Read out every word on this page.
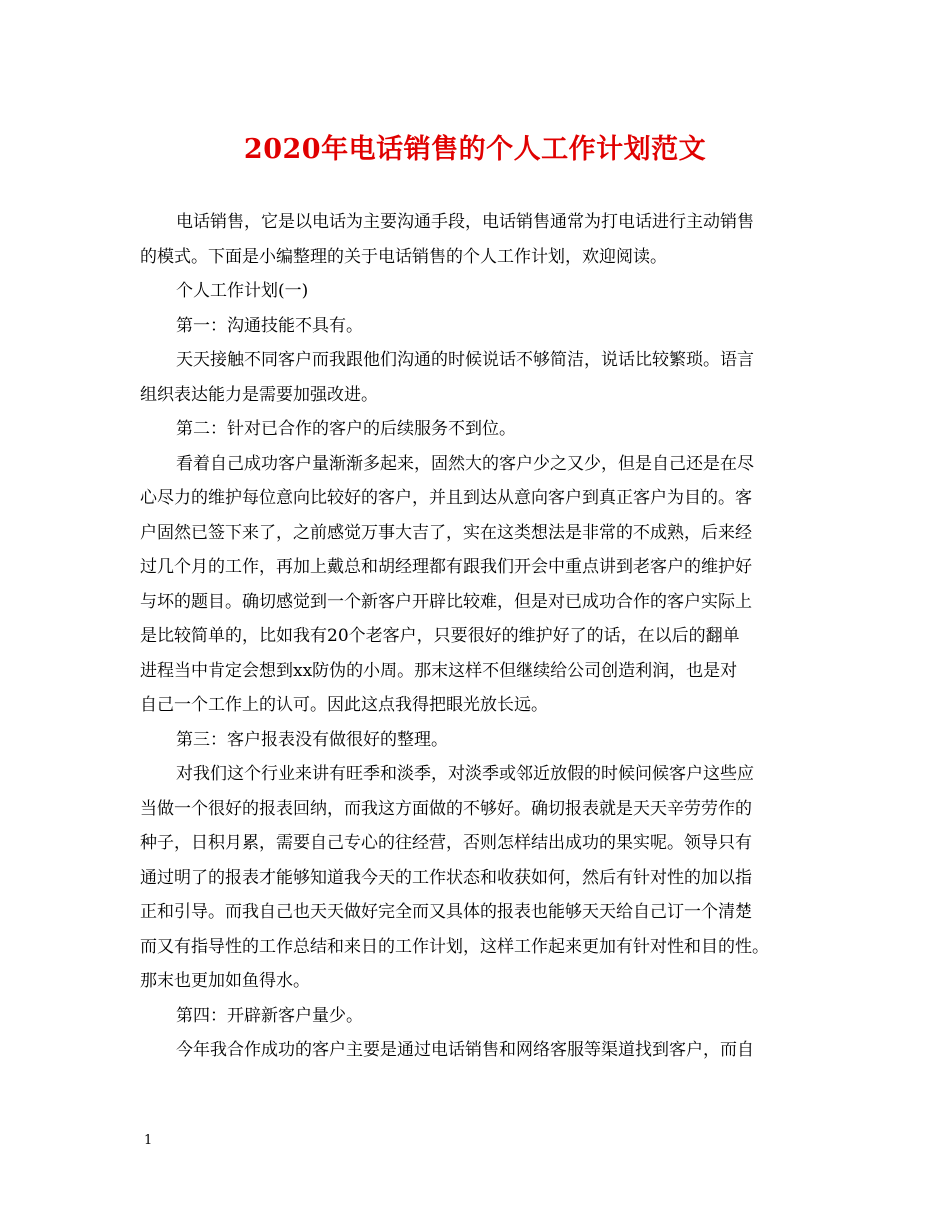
2020年电话销售的个人工作计划范文
电话销售，它是以电话为主要沟通手段，电话销售通常为打电话进行主动销售
的模式。下面是小编整理的关于电话销售的个人工作计划，欢迎阅读。
个人工作计划(一)
第一：沟通技能不具有。
天天接触不同客户而我跟他们沟通的时候说话不够简洁，说话比较繁琐。语言
组织表达能力是需要加强改进。
第二：针对已合作的客户的后续服务不到位。
看着自己成功客户量渐渐多起来，固然大的客户少之又少，但是自己还是在尽
心尽力的维护每位意向比较好的客户，并且到达从意向客户到真正客户为目的。客
户固然已签下来了，之前感觉万事大吉了，实在这类想法是非常的不成熟，后来经
过几个月的工作，再加上戴总和胡经理都有跟我们开会中重点讲到老客户的维护好
与坏的题目。确切感觉到一个新客户开辟比较难，但是对已成功合作的客户实际上
是比较简单的，比如我有20个老客户，只要很好的维护好了的话，在以后的翻单
进程当中肯定会想到xx防伪的小周。那末这样不但继续给公司创造利润，也是对
自己一个工作上的认可。因此这点我得把眼光放长远。
第三：客户报表没有做很好的整理。
对我们这个行业来讲有旺季和淡季，对淡季或邻近放假的时候问候客户这些应
当做一个很好的报表回纳，而我这方面做的不够好。确切报表就是天天辛劳劳作的
种子，日积月累，需要自己专心的往经营，否则怎样结出成功的果实呢。领导只有
通过明了的报表才能够知道我今天的工作状态和收获如何，然后有针对性的加以指
正和引导。而我自己也天天做好完全而又具体的报表也能够天天给自己订一个清楚
而又有指导性的工作总结和来日的工作计划，这样工作起来更加有针对性和目的性。
那末也更加如鱼得水。
第四：开辟新客户量少。
今年我合作成功的客户主要是通过电话销售和网络客服等渠道找到客户，而自
1
